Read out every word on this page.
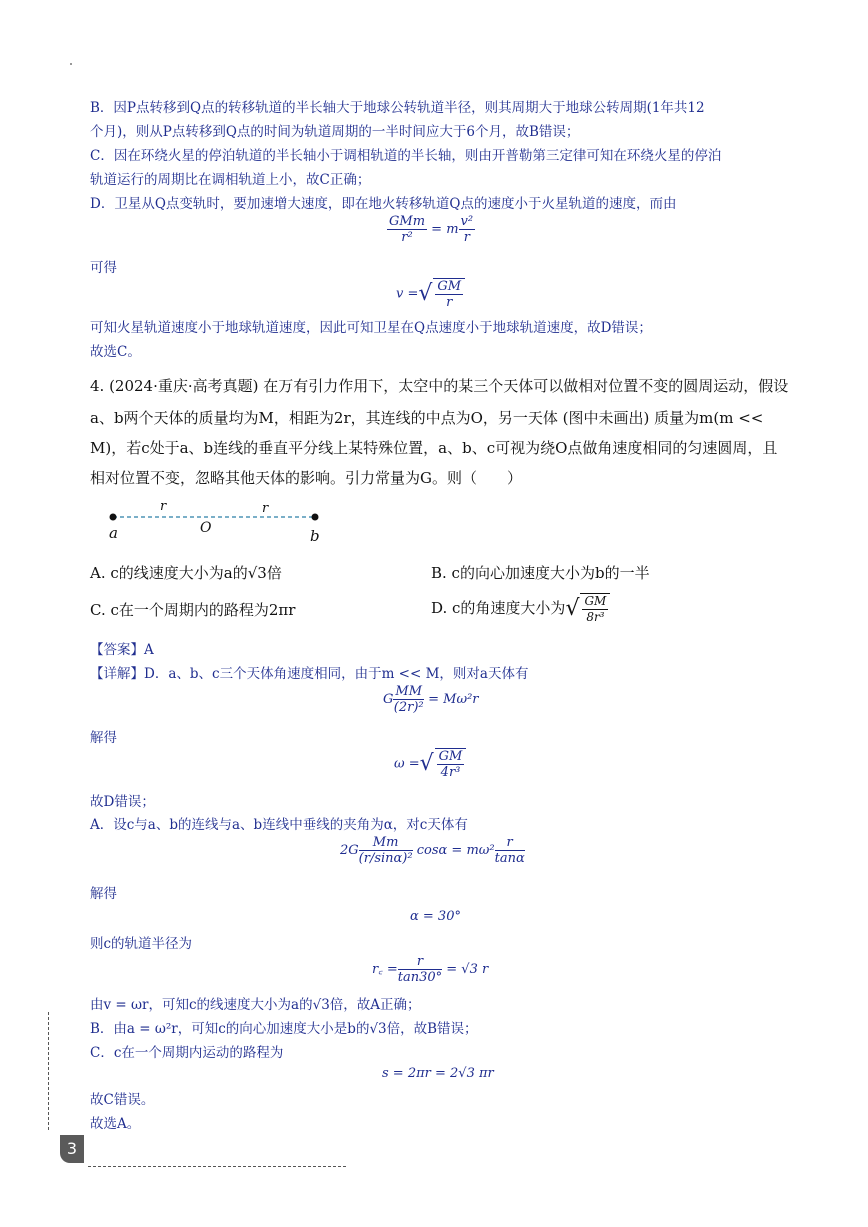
B．因P点转移到Q点的转移轨道的半长轴大于地球公转轨道半径，则其周期大于地球公转周期(1年共12
个月)，则从P点转移到Q点的时间为轨道周期的一半时间应大于6个月，故B错误；
C．因在环绕火星的停泊轨道的半长轴小于调相轨道的半长轴，则由开普勒第三定律可知在环绕火星的停泊
轨道运行的周期比在调相轨道上小，故C正确；
D．卫星从Q点变轨时，要加速增大速度，即在地火转移轨道Q点的速度小于火星轨道的速度，而由
$\frac{\text{GMm}}{\text{r²}} = m \frac{\text{v²}}{r}$
可得
v =√ $\frac{GM}{r}$
可知火星轨道速度小于地球轨道速度，因此可知卫星在Q点速度小于地球轨道速度，故D错误；
故选C。
4. (2024·重庆·高考真题) 在万有引力作用下，太空中的某三个天体可以做相对位置不变的圆周运动，假设
a、b两个天体的质量均为M，相距为2r，其连线的中点为O，另一天体 (图中未画出) 质量为m(m <<
M)，若c处于a、b连线的垂直平分线上某特殊位置，a、b、c可视为绕O点做角速度相同的匀速圆周，且
相对位置不变，忽略其他天体的影响。引力常量为G。则（　　）
a	b
O
r	r
A. c的线速度大小为a的√3倍	B. c的向心加速度大小为b的一半
C. c在一个周期内的路程为2πr	D. c的角速度大小为√ $\frac{GM}{\text{8r³}}$
【答案】A
【详解】D．a、b、c三个天体角速度相同，由于m << M，则对a天体有
G $\frac{MM}{\text{(2r)²}} = M\omega^2r$
解得
ω =√ $\frac{GM}{\text{4r³}}$
故D错误；
A．设c与a、b的连线与a、b连线中垂线的夹角为α，对c天体有
$2G \frac{Mm}{\text{(r/sinα)²}}$ $\cos\alpha = m\omega^2 \frac{r}{\tan\alpha}$
解得
α = 30°
则c的轨道半径为
r꜀ = $\frac{r}{\tan 30^\circ} = √3$ r
由v = ωr，可知c的线速度大小为a的√3倍，故A正确；
B．由a = ω²r，可知c的向心加速度大小是b的√3倍，故B错误；
C．c在一个周期内运动的路程为
s = 2πr = 2√3 πr
故C错误。
故选A。
3
